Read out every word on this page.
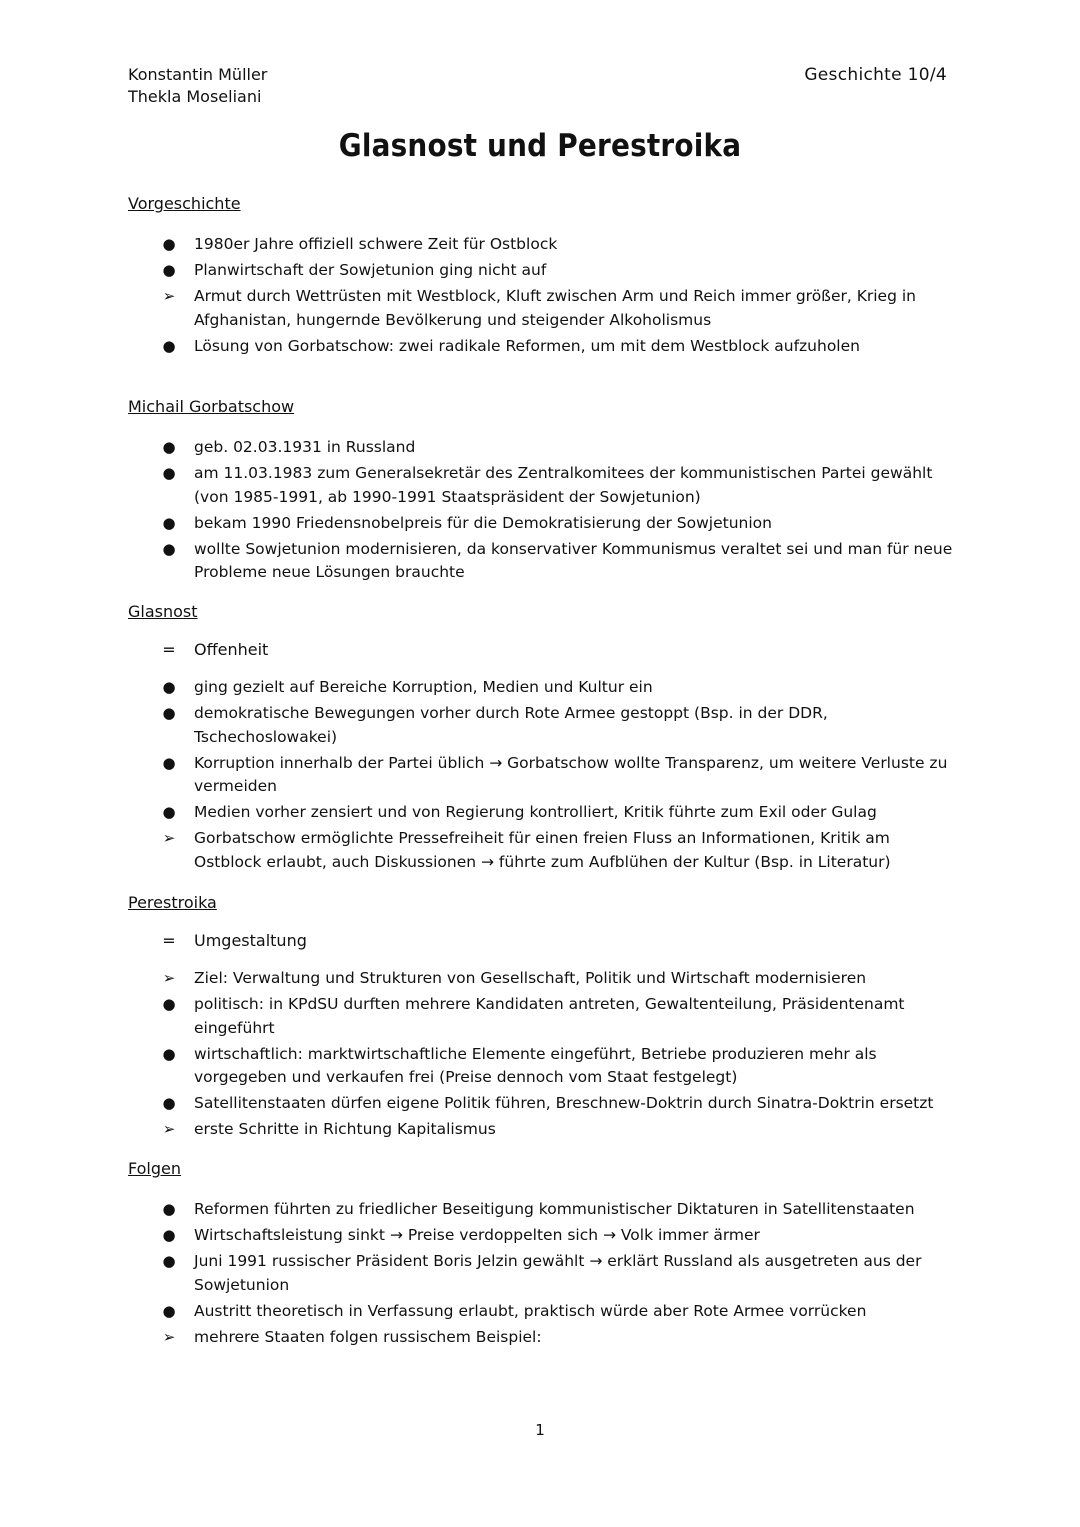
Konstantin Müller
Thekla Moseliani
Geschichte 10/4
Glasnost und Perestroika
Vorgeschichte
● 1980er Jahre offiziell schwere Zeit für Ostblock
● Planwirtschaft der Sowjetunion ging nicht auf
➢ Armut durch Wettrüsten mit Westblock, Kluft zwischen Arm und Reich immer größer, Krieg in Afghanistan, hungernde Bevölkerung und steigender Alkoholismus
● Lösung von Gorbatschow: zwei radikale Reformen, um mit dem Westblock aufzuholen
Michail Gorbatschow
● geb. 02.03.1931 in Russland
● am 11.03.1983 zum Generalsekretär des Zentralkomitees der kommunistischen Partei gewählt (von 1985-1991, ab 1990-1991 Staatspräsident der Sowjetunion)
● bekam 1990 Friedensnobelpreis für die Demokratisierung der Sowjetunion
● wollte Sowjetunion modernisieren, da konservativer Kommunismus veraltet sei und man für neue Probleme neue Lösungen brauchte
Glasnost
= Offenheit
● ging gezielt auf Bereiche Korruption, Medien und Kultur ein
● demokratische Bewegungen vorher durch Rote Armee gestoppt (Bsp. in der DDR, Tschechoslowakei)
● Korruption innerhalb der Partei üblich → Gorbatschow wollte Transparenz, um weitere Verluste zu vermeiden
● Medien vorher zensiert und von Regierung kontrolliert, Kritik führte zum Exil oder Gulag
➢ Gorbatschow ermöglichte Pressefreiheit für einen freien Fluss an Informationen, Kritik am Ostblock erlaubt, auch Diskussionen → führte zum Aufblühen der Kultur (Bsp. in Literatur)
Perestroika
= Umgestaltung
➢ Ziel: Verwaltung und Strukturen von Gesellschaft, Politik und Wirtschaft modernisieren
● politisch: in KPdSU durften mehrere Kandidaten antreten, Gewaltenteilung, Präsidentenamt eingeführt
● wirtschaftlich: marktwirtschaftliche Elemente eingeführt, Betriebe produzieren mehr als vorgegeben und verkaufen frei (Preise dennoch vom Staat festgelegt)
● Satellitenstaaten dürfen eigene Politik führen, Breschnew-Doktrin durch Sinatra-Doktrin ersetzt
➢ erste Schritte in Richtung Kapitalismus
Folgen
● Reformen führten zu friedlicher Beseitigung kommunistischer Diktaturen in Satellitenstaaten
● Wirtschaftsleistung sinkt → Preise verdoppelten sich → Volk immer ärmer
● Juni 1991 russischer Präsident Boris Jelzin gewählt → erklärt Russland als ausgetreten aus der Sowjetunion
● Austritt theoretisch in Verfassung erlaubt, praktisch würde aber Rote Armee vorrücken
➢ mehrere Staaten folgen russischem Beispiel:
1
